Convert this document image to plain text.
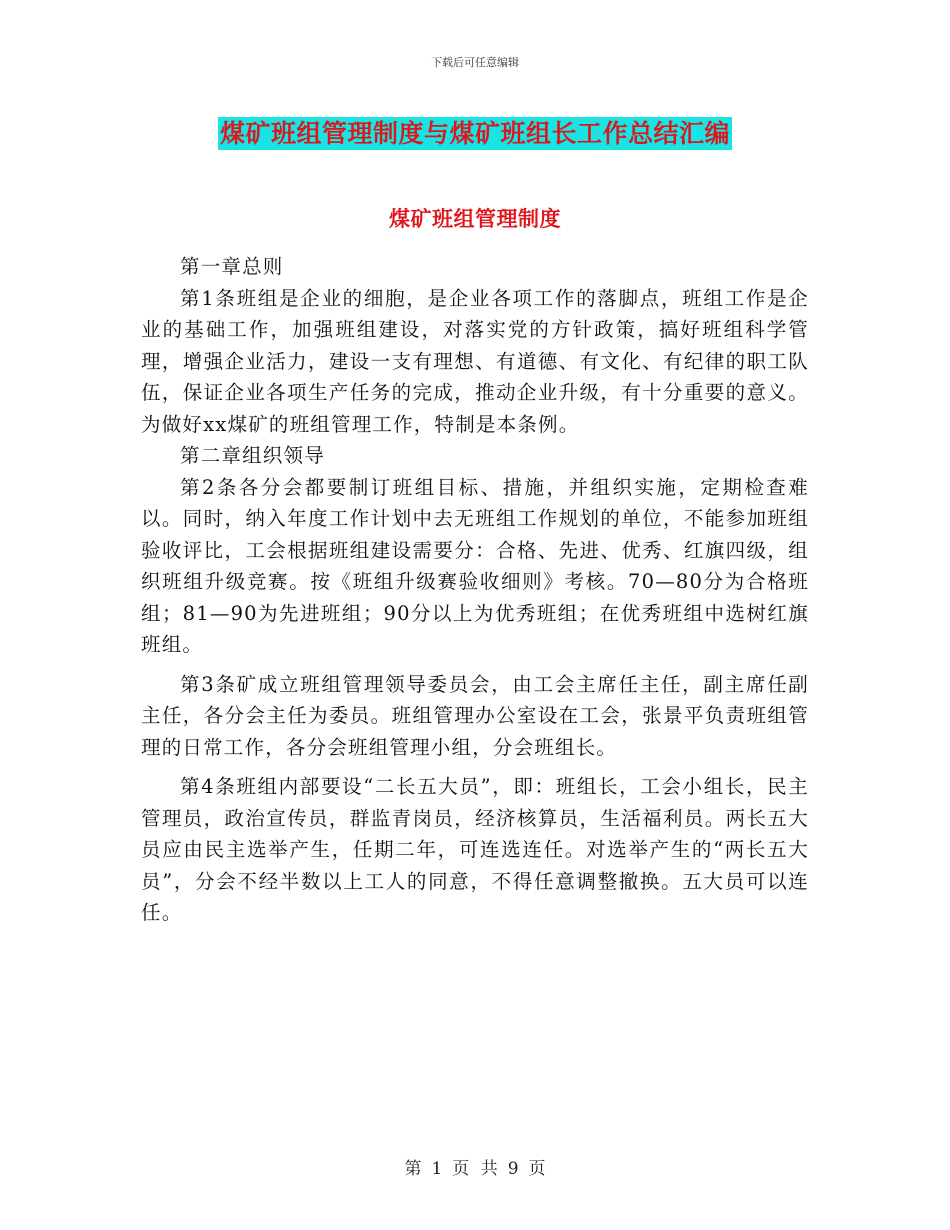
下载后可任意编辑
煤矿班组管理制度与煤矿班组长工作总结汇编
煤矿班组管理制度

第一章总则

第1条班组是企业的细胞，是企业各项工作的落脚点，班组工作是企业的基础工作，加强班组建设，对落实党的方针政策，搞好班组科学管理，增强企业活力，建设一支有理想、有道德、有文化、有纪律的职工队伍，保证企业各项生产任务的完成，推动企业升级，有十分重要的意义。为做好xx煤矿的班组管理工作，特制是本条例。

第二章组织领导

第2条各分会都要制订班组目标、措施，并组织实施，定期检查难以。同时，纳入年度工作计划中去无班组工作规划的单位，不能参加班组验收评比，工会根据班组建设需要分：合格、先进、优秀、红旗四级，组织班组升级竞赛。按《班组升级赛验收细则》考核。70—80分为合格班组；81—90为先进班组；90分以上为优秀班组；在优秀班组中选树红旗班组。

第3条矿成立班组管理领导委员会，由工会主席任主任，副主席任副主任，各分会主任为委员。班组管理办公室设在工会，张景平负责班组管理的日常工作，各分会班组管理小组，分会班组长。

第4条班组内部要设“二长五大员”，即：班组长，工会小组长，民主管理员，政治宣传员，群监青岗员，经济核算员，生活福利员。两长五大员应由民主选举产生，任期二年，可连选连任。对选举产生的“两长五大员”，分会不经半数以上工人的同意，不得任意调整撤换。五大员可以连任。

第 1 页 共 9 页
